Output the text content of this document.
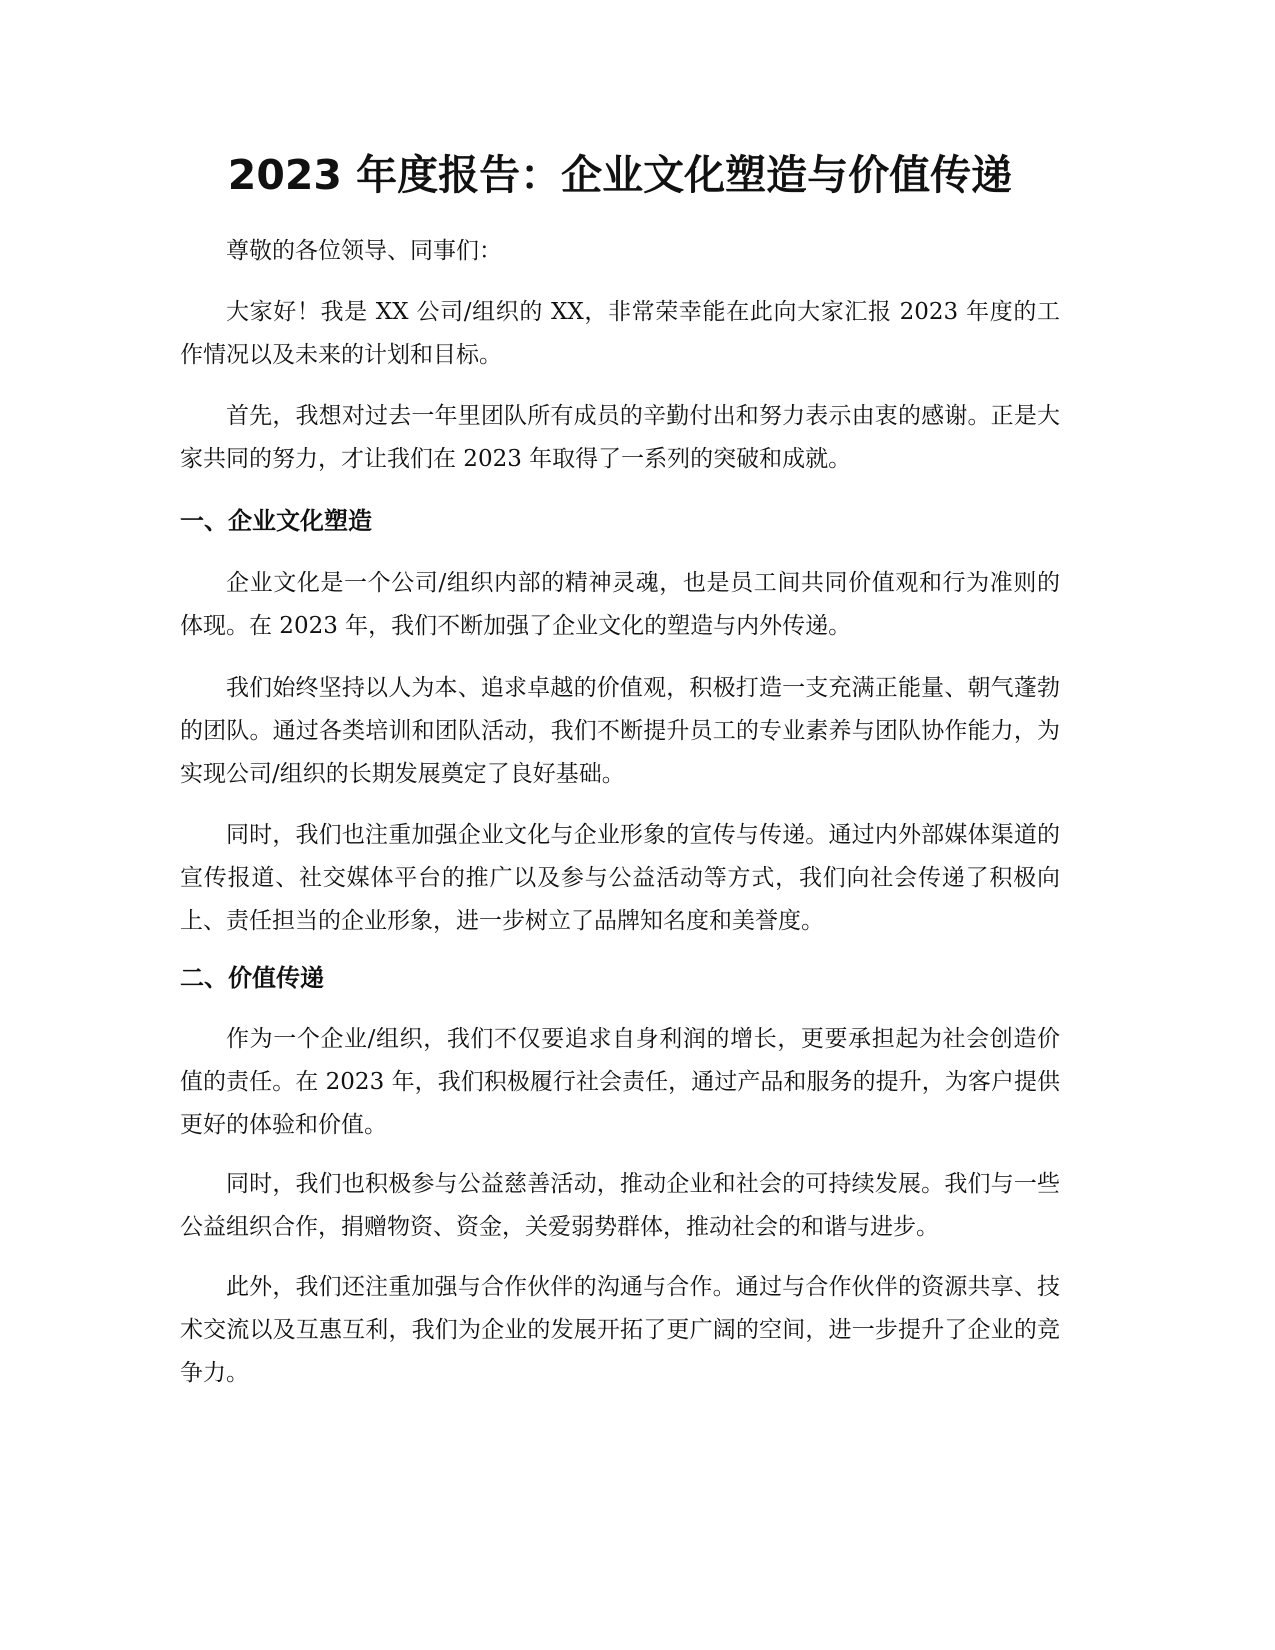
2023 年度报告：企业文化塑造与价值传递

尊敬的各位领导、同事们：

大家好！我是 XX 公司/组织的 XX，非常荣幸能在此向大家汇报 2023 年度的工作情况以及未来的计划和目标。

首先，我想对过去一年里团队所有成员的辛勤付出和努力表示由衷的感谢。正是大家共同的努力，才让我们在 2023 年取得了一系列的突破和成就。

一、企业文化塑造

企业文化是一个公司/组织内部的精神灵魂，也是员工间共同价值观和行为准则的体现。在 2023 年，我们不断加强了企业文化的塑造与内外传递。

我们始终坚持以人为本、追求卓越的价值观，积极打造一支充满正能量、朝气蓬勃的团队。通过各类培训和团队活动，我们不断提升员工的专业素养与团队协作能力，为实现公司/组织的长期发展奠定了良好基础。

同时，我们也注重加强企业文化与企业形象的宣传与传递。通过内外部媒体渠道的宣传报道、社交媒体平台的推广以及参与公益活动等方式，我们向社会传递了积极向上、责任担当的企业形象，进一步树立了品牌知名度和美誉度。

二、价值传递

作为一个企业/组织，我们不仅要追求自身利润的增长，更要承担起为社会创造价值的责任。在 2023 年，我们积极履行社会责任，通过产品和服务的提升，为客户提供更好的体验和价值。

同时，我们也积极参与公益慈善活动，推动企业和社会的可持续发展。我们与一些公益组织合作，捐赠物资、资金，关爱弱势群体，推动社会的和谐与进步。

此外，我们还注重加强与合作伙伴的沟通与合作。通过与合作伙伴的资源共享、技术交流以及互惠互利，我们为企业的发展开拓了更广阔的空间，进一步提升了企业的竞争力。
